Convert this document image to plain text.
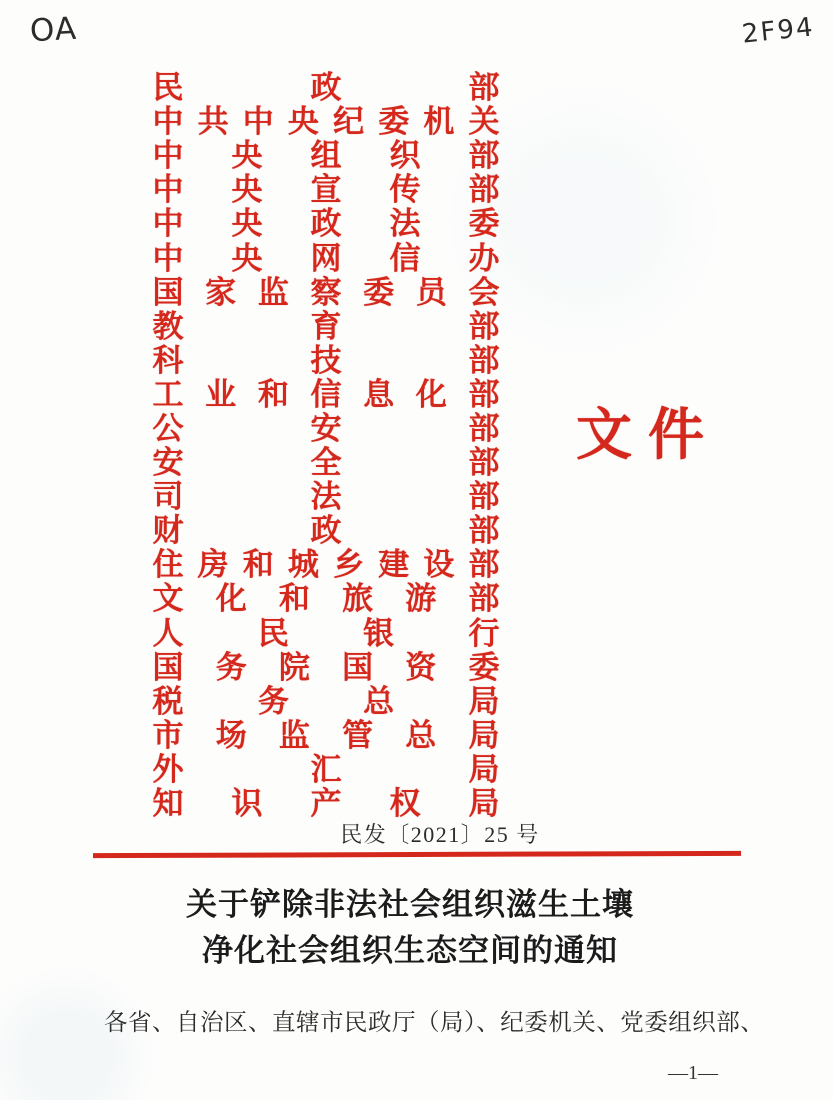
OA	2F94
民	政	部
中 共 中 央 纪 委 机 关
中 央 组 织 部
中 央 宣 传 部
中 央 政 法 委
中 央 网 信 办
国 家 监 察 委 员 会
教	育	部
科	技	部
工 业 和 信 息 化 部
公	安	部
安	全	部
司	法	部
财	政	部
住 房 和 城 乡 建 设 部
文 化 和 旅 游 部
人 民 银 行
国 务 院 国 资 委
税 务 总 局
市 场 监 管 总 局
外	汇	局
知 识 产 权 局
文件
民发〔2021〕25 号
关于铲除非法社会组织滋生土壤
净化社会组织生态空间的通知
各省、自治区、直辖市民政厅（局）、纪委机关、党委组织部、
—1—
